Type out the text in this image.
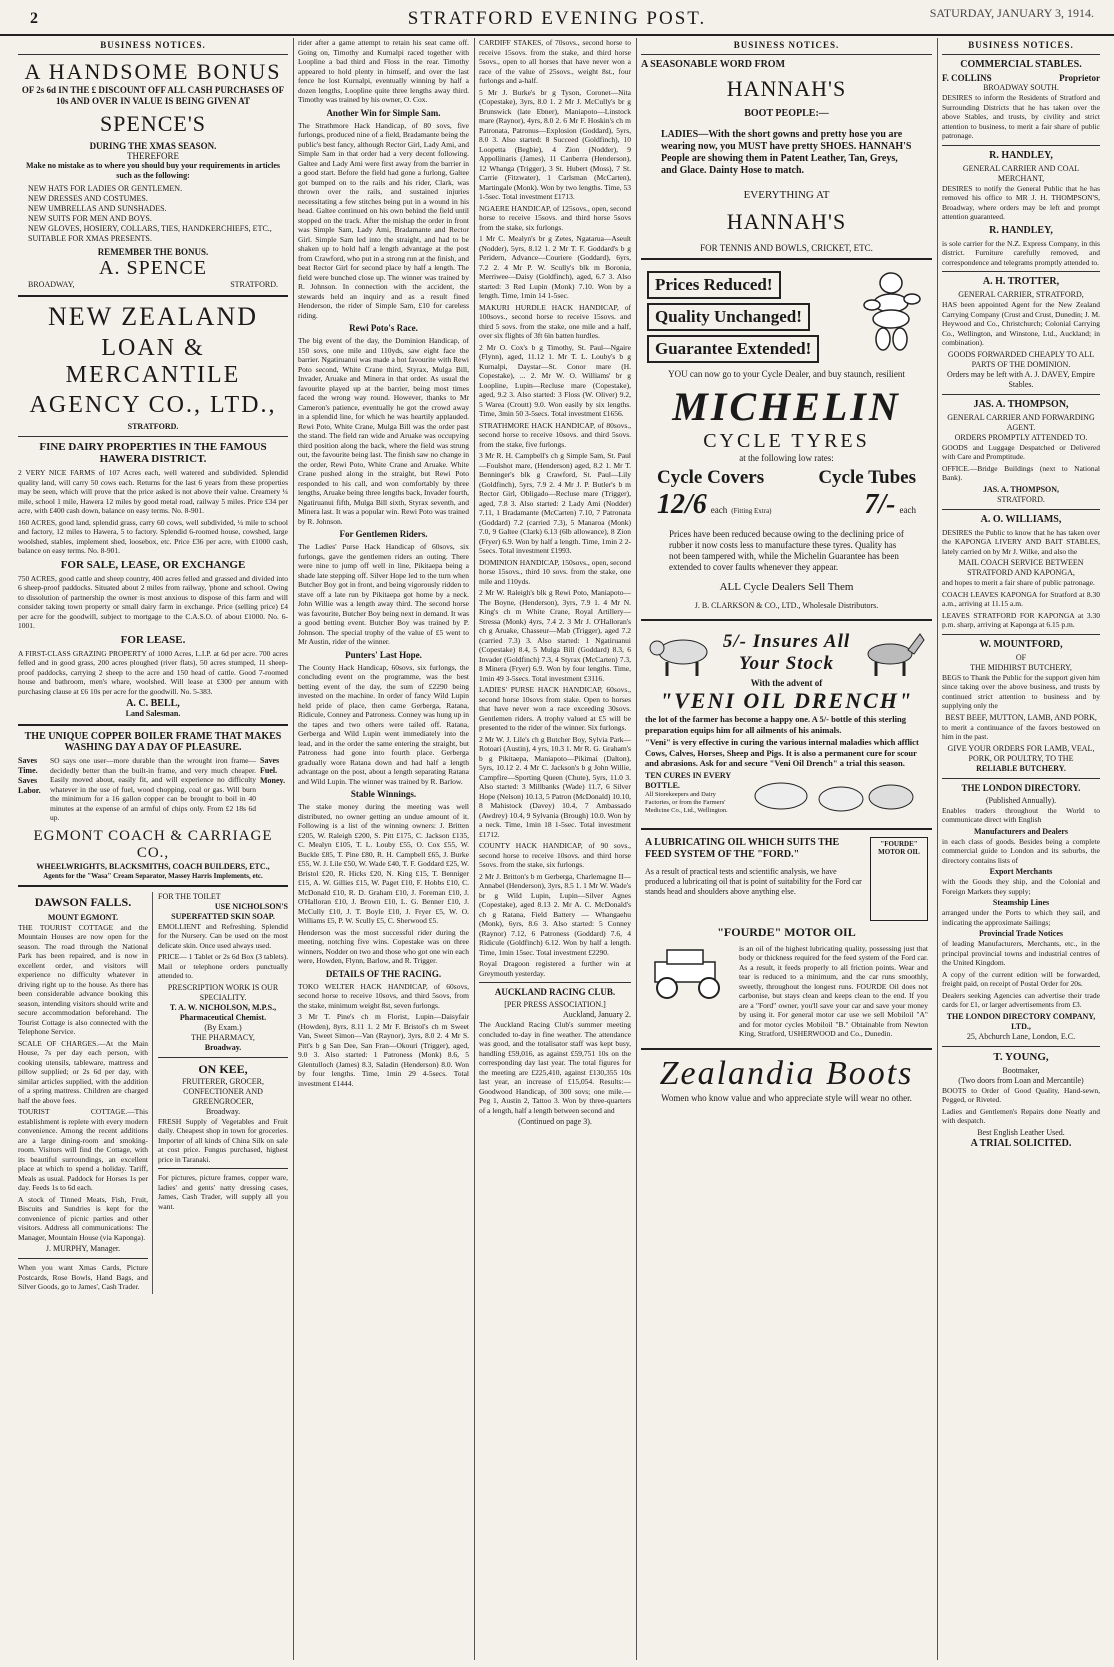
2	STRATFORD EVENING POST.	SATURDAY, JANUARY 3, 1914.
BUSINESS NOTICES.
A HANDSOME BONUS
OF 2s 6d IN THE £ DISCOUNT OFF ALL CASH PURCHASES OF 10s AND OVER IN VALUE IS BEING GIVEN AT
SPENCE'S
DURING THE XMAS SEASON.
THEREFORE
Make no mistake as to where you should buy your requirements in articles such as the following:
NEW HATS FOR LADIES OR GENTLEMEN.
NEW DRESSES AND COSTUMES.
NEW UMBRELLAS AND SUNSHADES.
NEW SUITS FOR MEN AND BOYS.
NEW GLOVES, HOSIERY, COLLARS, TIES, HANDKERCHIEFS, ETC., SUITABLE FOR XMAS PRESENTS.
REMEMBER THE BONUS.
A. SPENCE
BROADWAY,	STRATFORD.
NEW ZEALAND
LOAN & MERCANTILE
AGENCY CO., LTD.,
STRATFORD.
FINE DAIRY PROPERTIES IN THE FAMOUS HAWERA DISTRICT.

2 VERY NICE FARMS of 107 Acres each, well watered and subdivided. Splendid quality land, will carry 50 cows each. Returns for the last 6 years from these properties may be seen, which will prove that the price asked is not above their value. Creamery ¼ mile, school 1 mile, Hawera 12 miles by good metal road, railway 5 miles. Price £34 per acre, with £400 cash down, balance on easy terms. No. 8-901.

160 ACRES, good land, splendid grass, carry 60 cows, well subdivided, ¼ mile to school and factory, 12 miles to Hawera, 5 to factory. Splendid 6-roomed house, cowshed, large woolshed, stables, implement shed, loosebox, etc. Price £36 per acre, with £1000 cash, balance on easy terms. No. 8-901.

FOR SALE, LEASE, OR EXCHANGE

750 ACRES, good cattle and sheep country, 400 acres felled and grassed and divided into 6 sheep-proof paddocks. Situated about 2 miles from railway, 'phone and school. Owing to dissolution of partnership the owner is most anxious to dispose of this farm and will consider taking town property or small dairy farm in exchange. Price (selling price) £4 per acre for the goodwill, subject to mortgage to the C.A.S.O. of about £1000. No. 6-1001.

FOR LEASE.

A FIRST-CLASS GRAZING PROPERTY of 1000 Acres, L.I.P. at 6d per acre. 700 acres felled and in good grass, 200 acres ploughed (river flats), 50 acres stumped, 11 sheep-proof paddocks, carrying 2 sheep to the acre and 150 head of cattle. Good 7-roomed house and bathroom, men's whare, woolshed. Will lease at £300 per annum with purchasing clause at £6 10s per acre for the goodwill. No. 5-383.

A. C. BELL,
Land Salesman.
THE UNIQUE COPPER BOILER FRAME THAT MAKES WASHING DAY A DAY OF PLEASURE.
Saves Time. Saves Labor.

SO says one user—more durable than the wrought iron frame—decidedly better than the built-in frame, and very much cheaper. Easily moved about, easily fit, and will experience no difficulty whatever in the use of fuel, wood chopping, coal or gas. Will burn the minimum for a 16 gallon copper can be brought to boil in 40 minutes at the expense of an armful of chips only. From £2 18s 6d up.

Saves Fuel. Money.
EGMONT COACH & CARRIAGE CO.,
WHEELWRIGHTS, BLACKSMITHS, COACH BUILDERS, ETC.,
Agents for the "Wasa" Cream Separator, Massey Harris Implements, etc.
DAWSON FALLS.
MOUNT EGMONT.

THE TOURIST COTTAGE and the Mountain Houses are now open for the season. The road through the National Park has been repaired, and is now in excellent order, and visitors will experience no difficulty whatever in driving right up to the house. As there has been considerable advance booking this season, intending visitors should write and secure accommodation beforehand. The Tourist Cottage is also connected with the Telephone Service.

SCALE OF CHARGES.—At the Main House, 7s per day each person, with cooking utensils, tableware, mattress and pillow supplied; or 2s 6d per day, with similar articles supplied, with the addition of a spring mattress. Children are charged half the above fees.

TOURIST COTTAGE.—This establishment is replete with every modern convenience. Among the recent additions are a large dining-room and smoking-room. Visitors will find the Cottage, with its beautiful surroundings, an excellent place at which to spend a holiday. Tariff, Meals as usual. Paddock for Horses 1s per day. Feeds 1s to 6d each.

A stock of Tinned Meats, Fish, Fruit, Biscuits and Sundries is kept for the convenience of picnic parties and other visitors. Address all communications: The Manager, Mountain House (via Kaponga).

J. MURPHY, Manager.

When you want Xmas Cards, Picture Postcards, Rose Bowls, Hand Bags, and Silver Goods, go to James', Cash Trader.

FOR THE TOILET
USE NICHOLSON'S
SUPERFATTED SKIN SOAP.

EMOLLIENT and Refreshing. Splendid for the Nursery. Can be used on the most delicate skin. Once used always used.

PRICE— 1 Tablet or 2s 6d Box (3 tablets). Mail or telephone orders punctually attended to.

PRESCRIPTION WORK IS OUR SPECIALITY.
T. A. W. NICHOLSON, M.P.S.,
Pharmaceutical Chemist.
(By Exam.)
THE PHARMACY,
Broadway.
ON KEE,
FRUITERER, GROCER, CONFECTIONER AND GREENGROCER,
Broadway.

FRESH Supply of Vegetables and Fruit daily. Cheapest shop in town for groceries. Importer of all kinds of China Silk on sale at cost price. Fungus purchased, highest price in Taranaki.

For pictures, picture frames, copper ware, ladies' and gents' natty dressing cases, James, Cash Trader, will supply all you want.

rider after a game attempt to retain his seat came off. Going on, Timothy and Kurnalpi raced together with Loopline a bad third and Floss in the rear. Timothy appeared to hold plenty in himself, and over the last fence he lost Kurnalpi, eventually winning by half a dozen lengths, Loopline quite three lengths away third. Timothy was trained by his owner, O. Cox.

Another Win for Simple Sam.

The Strathmore Hack Handicap, of 80 sovs, five furlongs, produced nine of a field, Bradamante being the public's best fancy, although Rector Girl, Lady Ami, and Simple Sam in that order had a very decent following. Galtee and Lady Ami were first away from the barrier in a good start. Before the field had gone a furlong, Galtee got bumped on to the rails and his rider, Clark, was thrown over the rails, and sustained injuries necessitating a few stitches being put in a wound in his head. Galtee continued on his own behind the field until stopped on the track. After the mishap the order in front was Simple Sam, Lady Ami, Bradamante and Rector Girl. Simple Sam led into the straight, and had to be shaken up to hold half a length advantage at the post from Crawford, who put in a strong run at the finish, and beat Rector Girl for second place by half a length. The field were bunched close up. The winner was trained by R. Johnson. In connection with the accident, the stewards held an inquiry and as a result fined Henderson, the rider of Simple Sam, £10 for careless riding.

Rewi Poto's Race.

The big event of the day, the Dominion Handicap, of 150 sovs, one mile and 110yds, saw eight face the barrier. Ngatiruanui was made a hot favourite with Rewi Poto second, White Crane third, Styrax, Mulga Bill, Invader, Aruake and Minera in that order. As usual the favourite played up at the barrier, being most times faced the wrong way round. However, thanks to Mr Cameron's patience, eventually he got the crowd away in a splendid line, for which he was heartily applauded. Rewi Poto, White Crane, Mulga Bill was the order past the stand. The field ran wide and Aruake was occupying third position along the back, where the field was strung out, the favourite being last. The finish saw no change in the order, Rewi Poto, White Crane and Aruake. White Crane pushed along in the straight, but Rewi Poto responded to his call, and won comfortably by three lengths, Aruake being three lengths back, Invader fourth, Ngatiruanui fifth, Mulga Bill sixth, Styrax seventh, and Minera last. It was a popular win. Rewi Poto was trained by R. Johnson.

For Gentlemen Riders.

The Ladies' Purse Hack Handicap of 60sovs, six furlongs, gave the gentlemen riders an outing. There were nine to jump off well in line, Pikitaepa being a shade late stepping off. Silver Hope led to the turn when Butcher Boy got in front, and being vigorously ridden to stave off a late run by Pikitaepa got home by a neck. John Willie was a length away third. The second horse was favourite, Butcher Boy being next in demand. It was a good betting event. Butcher Boy was trained by P. Johnson. The special trophy of the value of £5 went to Mr Austin, rider of the winner.

Punters' Last Hope.

The County Hack Handicap, 60sovs, six furlongs, the concluding event on the programme, was the best betting event of the day, the sum of £2290 being invested on the machine. In order of fancy Wild Lupin held pride of place, then came Gerberga, Ratana, Ridicule, Conney and Patroness. Conney was hung up in the tapes and two others were tailed off. Ratana, Gerberga and Wild Lupin went immediately into the lead, and in the order the same entering the straight, but Patroness had gone into fourth place. Gerberga gradually wore Ratana down and had half a length advantage on the post, about a length separating Ratana and Wild Lupin. The winner was trained by R. Barlow.

Stable Winnings.

The stake money during the meeting was well distributed, no owner getting an undue amount of it. Following is a list of the winning owners: J. Britten £205, W. Raleigh £200, S. Pitt £175, C. Jackson £135, C. Mealyn £105, T. L. Louby £55, O. Cox £55, W. Buckle £85, T. Pine £80, R. H. Campbell £65, J. Burke £55, W. J. Lile £50, W. Wade £40, T. F. Goddard £25, W. Bristol £20, R. Hicks £20, N. King £15, T. Benniger £15, A. W. Gillies £15, W. Paget £10, F. Hobbs £10, C. McDonald £10, R. D. Graham £10, J. Foreman £10, J. O'Halloran £10, J. Brown £10, L. G. Benner £10, J. McCully £10, J. T. Boyle £10, J. Fryer £5, W. O. Williams £5, P. W. Scully £5, C. Sherwood £5.

Henderson was the most successful rider during the meeting, notching five wins. Copestake was on three winners, Nodder on two and those who got one win each were, Howden, Flynn, Barlow, and R. Trigger.

DETAILS OF THE RACING.

TOKO WELTER HACK HANDICAP, of 60sovs, second horse to receive 10sovs, and third 5sovs, from the stake, minimum weight 8st, seven furlongs.

3 Mr T. Pine's ch m Florist, Lupin—Daisyfair (Howden), 8yrs, 8.11 1. 2 Mr F. Bristol's ch m Sweet Van, Sweet Simon—Van (Raynor), 3yrs, 8.0 2. 4 Mr S. Pitt's b g San Dee, San Fran—Okouri (Trigger), aged, 9.0 3. Also started: 1 Patroness (Monk) 8.6, 5 Glentulloch (James) 8.3, Saladin (Henderson) 8.0. Won by four lengths. Time, 1min 29 4-5secs. Total investment £1444.

CARDIFF STAKES, of 70sovs., second horse to receive 15sovs. from the stake, and third horse 5sovs., open to all horses that have never won a race of the value of 25sovs., weight 8st., four furlongs and a-half.

5 Mr J. Burke's br g Tyson, Coronet—Nita (Copestake), 3yrs, 8.0 1. 2 Mr J. McCully's br g Brunswick (late Ebner), Maniapoto—Linstock mare (Raynor), 4yrs, 8.0 2. 6 Mr F. Hoskin's ch m Patronata, Patronus—Explosion (Goddard), 5yrs, 8.0 3. Also started: 8 Succeed (Goldfinch), 10 Loopetta (Begbie), 4 Zion (Nodder), 9 Appollinaris (James), 11 Canberra (Henderson), 12 Whanga (Trigger), 3 St. Hubert (Moss), 7 St. Carrie (Fitzwater), 1 Carlsman (McCarten), Martingale (Monk). Won by two lengths. Time, 53 1-5sec. Total investment £1713.

NGAERE HANDICAP, of 125sovs., open, second horse to receive 15sovs. and third horse 5sovs from the stake, six furlongs.

1 Mr C. Mealyn's br g Zetes, Ngatarua—Aseult (Nodder), 5yrs, 8.12 1. 2 Mr T. F. Goddard's b g Peridern, Advance—Couriere (Goddard), 6yrs, 7.2 2. 4 Mr P. W. Scully's blk m Boronia, Merriwee—Daisy (Goldfinch), aged, 6.7 3. Also started: 3 Red Lupin (Monk) 7.10. Won by a length. Time, 1min 14 1-5sec.

MAKURI HURDLE HACK HANDICAP, of 100sovs., second horse to receive 15sovs. and third 5 sovs. from the stake, one mile and a half, over six flights of 3ft 6in batten hurdles.

2 Mr O. Cox's b g Timothy, St. Paul—Ngaire (Flynn), aged, 11.12 1. Mr T. L. Louby's b g Kurnalpi, Daystar—St. Conor mare (H. Copestake), ... 2. Mr W. O. Williams' br g Loopline, Lupin—Recluse mare (Copestake), aged, 9.2 3. Also started: 3 Floss (W. Oliver) 9.2, 5 Warea (Croutt) 9.0. Won easily by six lengths. Time, 3min 50 3-5secs. Total investment £1656.

STRATHMORE HACK HANDICAP, of 80sovs., second horse to receive 10sovs. and third 5sovs. from the stake, five furlongs.

3 Mr R. H. Campbell's ch g Simple Sam, St. Paul—Foulshot mare, (Henderson) aged, 8.2 1. Mr T. Benninger's blk g Crawford, St. Paul—Lily (Goldfinch), 5yrs, 7.9 2. 4 Mr J. P. Butler's b m Rector Girl, Obligado—Recluse mare (Trigger), aged, 7.8 3. Also started: 2 Lady Ami (Nodder) 7.11, 1 Bradamante (McCarten) 7.10, 7 Patronata (Goddard) 7.2 (carried 7.3), 5 Manaroa (Monk) 7.0, 9 Galtee (Clark) 6.13 (6lb allowance), 8 Zion (Fryer) 6.9. Won by half a length. Time, 1min 2 2-5secs. Total investment £1993.

DOMINION HANDICAP, 150sovs., open, second horse 15sovs., third 10 sovs. from the stake, one mile and 110yds.

2 Mr W. Raleigh's blk g Rewi Poto, Maniapoto—The Boyne, (Henderson), 3yrs, 7.9 1. 4 Mr N. King's ch m White Crane, Royal Artillery—Stressa (Monk) 4yrs, 7.4 2. 3 Mr J. O'Halloran's ch g Aruake, Chasseur—Mab (Trigger), aged 7.2 (carried 7.3) 3. Also started: 1 Ngatiruanui (Copestake) 8.4, 5 Mulga Bill (Goddard) 8.3, 6 Invader (Goldfinch) 7.3, 4 Styrax (McCarten) 7.3, 8 Minera (Fryer) 6.9. Won by four lengths. Time, 1min 49 3-5secs. Total investment £3116.

LADIES' PURSE HACK HANDICAP, 60sovs., second horse 10sovs from stake. Open to horses that have never won a race exceeding 30sovs. Gentlemen riders. A trophy valued at £5 will be presented to the rider of the winner. Six furlongs.

2 Mr W. J. Lile's ch g Butcher Boy, Sylvia Park—Rotoari (Austin), 4 yrs, 10.3 1. Mr R. G. Graham's b g Pikitaepa, Maniapoto—Pikimai (Dalton), 5yrs, 10.12 2. 4 Mr C. Jackson's b g John Willie, Campfire—Sporting Queen (Chute), 5yrs, 11.0 3. Also started: 3 Millbanks (Wade) 11.7, 6 Silver Hope (Nelson) 10.13, 5 Patron (McDonald) 10.10, 8 Mahistock (Davey) 10.4, 7 Ambassado (Awdrey) 10.4, 9 Sylvania (Brough) 10.0. Won by a neck. Time, 1min 18 1-5sec. Total investment £1712.

COUNTY HACK HANDICAP, of 90 sovs., second horse to receive 10sovs. and third horse 5sovs. from the stake, six furlongs.

2 Mr J. Britton's b m Gerberga, Charlemagne II—Annabel (Henderson), 3yrs, 8.5 1. 1 Mr W. Wade's br g Wild Lupin, Lupin—Silver Agnes (Copestake), aged 8.13 2. Mr A. C. McDonald's ch g Ratana, Field Battery — Whangaehu (Monk), 6yrs, 8.6 3. Also started: 5 Conney (Raynor) 7.12, 6 Patroness (Goddard) 7.6, 4 Ridicule (Goldfinch) 6.12. Won by half a length. Time, 1min 15sec. Total investment £2290.

Royal Dragoon registered a further win at Greymouth yesterday.

AUCKLAND RACING CLUB.
[PER PRESS ASSOCIATION.]
Auckland, January 2.

The Auckland Racing Club's summer meeting concluded to-day in fine weather. The attendance was good, and the totalisator staff was kept busy, handling £59,016, as against £59,751 10s on the corresponding day last year. The total figures for the meeting are £225,410, against £130,355 10s last year, an increase of £15,054. Results:— Goodwood Handicap, of 300 sovs; one mile.—Peg 1, Austin 2, Tattoo 3. Won by three-quarters of a length, half a length between second and

(Continued on page 3).
BUSINESS NOTICES.
A SEASONABLE WORD FROM
HANNAH'S
BOOT PEOPLE:—

LADIES—With the short gowns and pretty hose you are wearing now, you MUST have pretty SHOES. HANNAH'S People are showing them in Patent Leather, Tan, Greys, and Glace. Dainty Hose to match.

EVERYTHING AT
HANNAH'S
FOR TENNIS AND BOWLS, CRICKET, ETC.
Prices Reduced!
Quality Unchanged!
Guarantee Extended!
YOU can now go to your Cycle Dealer, and buy staunch, resilient
MICHELIN
CYCLE TYRES
at the following low rates:
Cycle Covers
12/6 each (Fitting Extra)
Cycle Tubes
7/- each

Prices have been reduced because owing to the declining price of rubber it now costs less to manufacture these tyres. Quality has not been tampered with, while the Michelin Guarantee has been extended to cover faults whenever they appear.

ALL Cycle Dealers Sell Them
J. B. CLARKSON & CO., LTD., Wholesale Distributors.
5/- Insures All Your Stock
With the advent of
"VENI OIL DRENCH"

the lot of the farmer has become a happy one. A 5/- bottle of this sterling preparation equips him for all ailments of his animals.

"Veni" is very effective in curing the various internal maladies which afflict Cows, Calves, Horses, Sheep and Pigs. It is also a permanent cure for scour and abrasions. Ask for and secure "Veni Oil Drench" a trial this season.

TEN CURES IN EVERY BOTTLE.
All Storekeepers and Dairy Factories, or from the Farmers' Medicine Co., Ltd., Wellington.
A LUBRICATING OIL WHICH SUITS THE FEED SYSTEM OF THE "FORD."

As a result of practical tests and scientific analysis, we have produced a lubricating oil that is point of suitability for the Ford car stands head and shoulders above anything else.

"FOURDE" MOTOR OIL
"FOURDE" MOTOR OIL

is an oil of the highest lubricating quality, possessing just that body or thickness required for the feed system of the Ford car. As a result, it feeds properly to all friction points. Wear and tear is reduced to a minimum, and the car runs smoothly, sweetly, throughout the longest runs. FOURDE Oil does not carbonise, but stays clean and keeps clean to the end. If you are a "Ford" owner, you'll save your car and save your money by using it. For general motor car use we sell Mobiloil "A" and for motor cycles Mobiloil "B." Obtainable from Newton King, Stratford, USHERWOOD and Co., Dunedin.

Zealandia Boots
Women who know value and who appreciate style will wear no other.
BUSINESS NOTICES.
COMMERCIAL STABLES.
F. COLLINS	Proprietor
BROADWAY SOUTH.

DESIRES to inform the Residents of Stratford and Surrounding Districts that he has taken over the above Stables, and trusts, by civility and strict attention to business, to merit a fair share of public patronage.

R. HANDLEY,
GENERAL CARRIER AND COAL MERCHANT,

DESIRES to notify the General Public that he has removed his office to MR J. H. THOMPSON'S, Broadway, where orders may be left and prompt attention guaranteed.

R. HANDLEY,

is sole carrier for the N.Z. Express Company, in this district. Furniture carefully removed, and correspondence and telegrams promptly attended to.

A. H. TROTTER,
GENERAL CARRIER, STRATFORD,

HAS been appointed Agent for the New Zealand Carrying Company (Crust and Crust, Dunedin; J. M. Heywood and Co., Christchurch; Colonial Carrying Co., Wellington, and Winstone, Ltd., Auckland; in combination).

GOODS FORWARDED CHEAPLY TO ALL PARTS OF THE DOMINION.
Orders may be left with A. J. DAVEY, Empire Stables.
JAS. A. THOMPSON,
GENERAL CARRIER AND FORWARDING AGENT.
ORDERS PROMPTLY ATTENDED TO.

GOODS and Luggage Despatched or Delivered with Care and Promptitude.

OFFICE.—Bridge Buildings (next to National Bank).

JAS. A. THOMPSON,
STRATFORD.
A. O. WILLIAMS,

DESIRES the Public to know that he has taken over the KAPONGA LIVERY AND BAIT STABLES, lately carried on by Mr J. Wilke, and also the

MAIL COACH SERVICE BETWEEN STRATFORD AND KAPONGA,

and hopes to merit a fair share of public patronage.

COACH LEAVES KAPONGA for Stratford at 8.30 a.m., arriving at 11.15 a.m.

LEAVES STRATFORD FOR KAPONGA at 3.30 p.m. sharp, arriving at Kaponga at 6.15 p.m.

W. MOUNTFORD,
OF
THE MIDHIRST BUTCHERY,

BEGS to Thank the Public for the support given him since taking over the above business, and trusts by continued strict attention to business and by supplying only the

BEST BEEF, MUTTON, LAMB, AND PORK,

to merit a continuance of the favors bestowed on him in the past.

GIVE YOUR ORDERS FOR LAMB, VEAL, PORK, OR POULTRY, TO THE
RELIABLE BUTCHERY.
THE LONDON DIRECTORY.
(Published Annually).

Enables traders throughout the World to communicate direct with English

Manufacturers and Dealers

in each class of goods. Besides being a complete commercial guide to London and its suburbs, the directory contains lists of

Export Merchants

with the Goods they ship, and the Colonial and Foreign Markets they supply;

Steamship Lines

arranged under the Ports to which they sail, and indicating the approximate Sailings;

Provincial Trade Notices

of leading Manufacturers, Merchants, etc., in the principal provincial towns and industrial centres of the United Kingdom.

A copy of the current edition will be forwarded, freight paid, on receipt of Postal Order for 20s.

Dealers seeking Agencies can advertise their trade cards for £1, or larger advertisements from £3.

THE LONDON DIRECTORY COMPANY, LTD.,
25, Abchurch Lane, London, E.C.
T. YOUNG,
Bootmaker,
(Two doors from Loan and Mercantile)

BOOTS to Order of Good Quality, Hand-sewn, Pegged, or Riveted.

Ladies and Gentlemen's Repairs done Neatly and with despatch.

Best English Leather Used.
A TRIAL SOLICITED.
